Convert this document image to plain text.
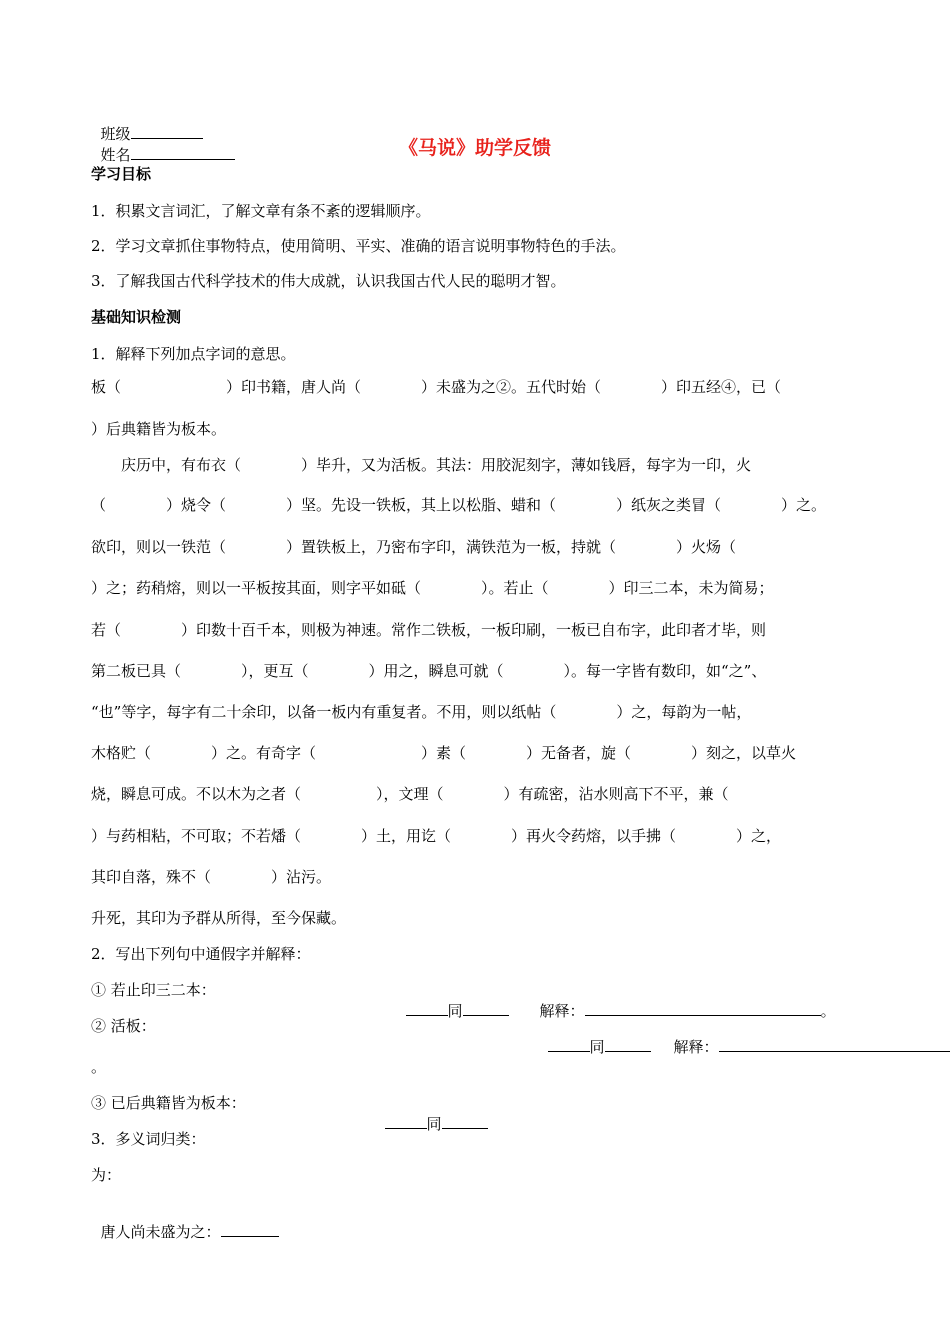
班级
姓名	《马说》助学反馈
学习目标
1．积累文言词汇，了解文章有条不紊的逻辑顺序。
2．学习文章抓住事物特点，使用简明、平实、准确的语言说明事物特色的手法。
3．了解我国古代科学技术的伟大成就，认识我国古代人民的聪明才智。
基础知识检测
1．解释下列加点字词的意思。
板（　　　　　　　）印书籍，唐人尚（　　　　）未盛为之②。五代时始（　　　　）印五经④，已（
）后典籍皆为板本。
　　庆历中，有布衣（　　　　）毕升，又为活板。其法：用胶泥刻字，薄如钱唇，每字为一印，火
（　　　　）烧令（　　　　）坚。先设一铁板，其上以松脂、蜡和（　　　　）纸灰之类冒（　　　　）之。
欲印，则以一铁范（　　　　）置铁板上，乃密布字印，满铁范为一板，持就（　　　　）火炀（　　
）之；药稍熔，则以一平板按其面，则字平如砥（　　　　）。若止（　　　　）印三二本，未为简易；
若（　　　　）印数十百千本，则极为神速。常作二铁板，一板印刷，一板已自布字，此印者才毕，则
第二板已具（　　　　），更互（　　　　）用之，瞬息可就（　　　　）。每一字皆有数印，如“之”、
“也”等字，每字有二十余印，以备一板内有重复者。不用，则以纸帖（　　　　）之，每韵为一帖，
木格贮（　　　　）之。有奇字（　　　　　　　）素（　　　　）无备者，旋（　　　　）刻之，以草火
烧，瞬息可成。不以木为之者（　　　　　），文理（　　　　）有疏密，沾水则高下不平，兼（
）与药相粘，不可取；不若燔（　　　　）土，用讫（　　　　）再火令药熔，以手拂（　　　　）之，
其印自落，殊不（　　　　）沾污。
升死，其印为予群从所得，至今保藏。
2．写出下列句中通假字并解释：
① 若止印三二本：

同	解释：	。

② 活板：

同	解释：

。
③ 已后典籍皆为板本：

同

3．多义词归类：
为：

唐人尚未盛为之：
